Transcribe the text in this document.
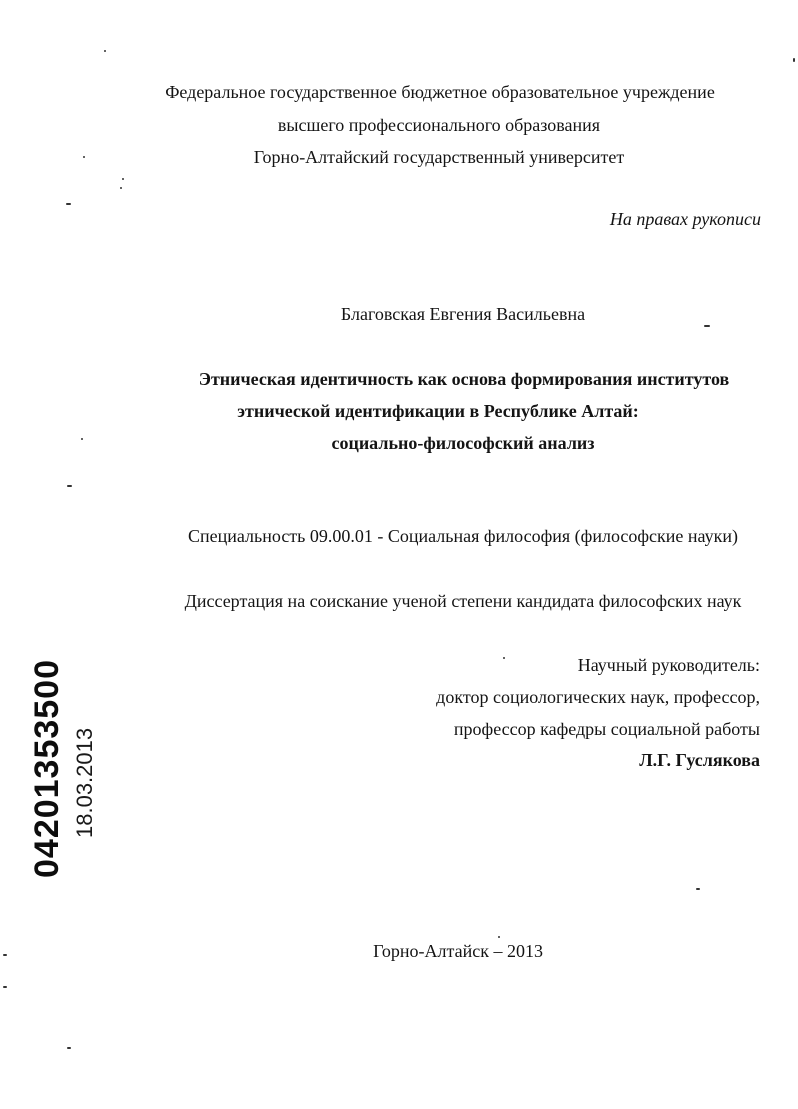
Федеральное государственное бюджетное образовательное учреждение
высшего профессионального образования
Горно-Алтайский государственный университет
На правах рукописи
Благовская Евгения Васильевна
Этническая идентичность как основа формирования институтов
этнической идентификации в Республике Алтай:
социально-философский анализ
Специальность 09.00.01 - Социальная философия (философские науки)
Диссертация на соискание ученой степени кандидата философских наук
Научный руководитель:
доктор социологических наук, профессор,
профессор кафедры социальной работы
Л.Г. Гуслякова
Горно-Алтайск – 2013
04201353500 18.03.2013
